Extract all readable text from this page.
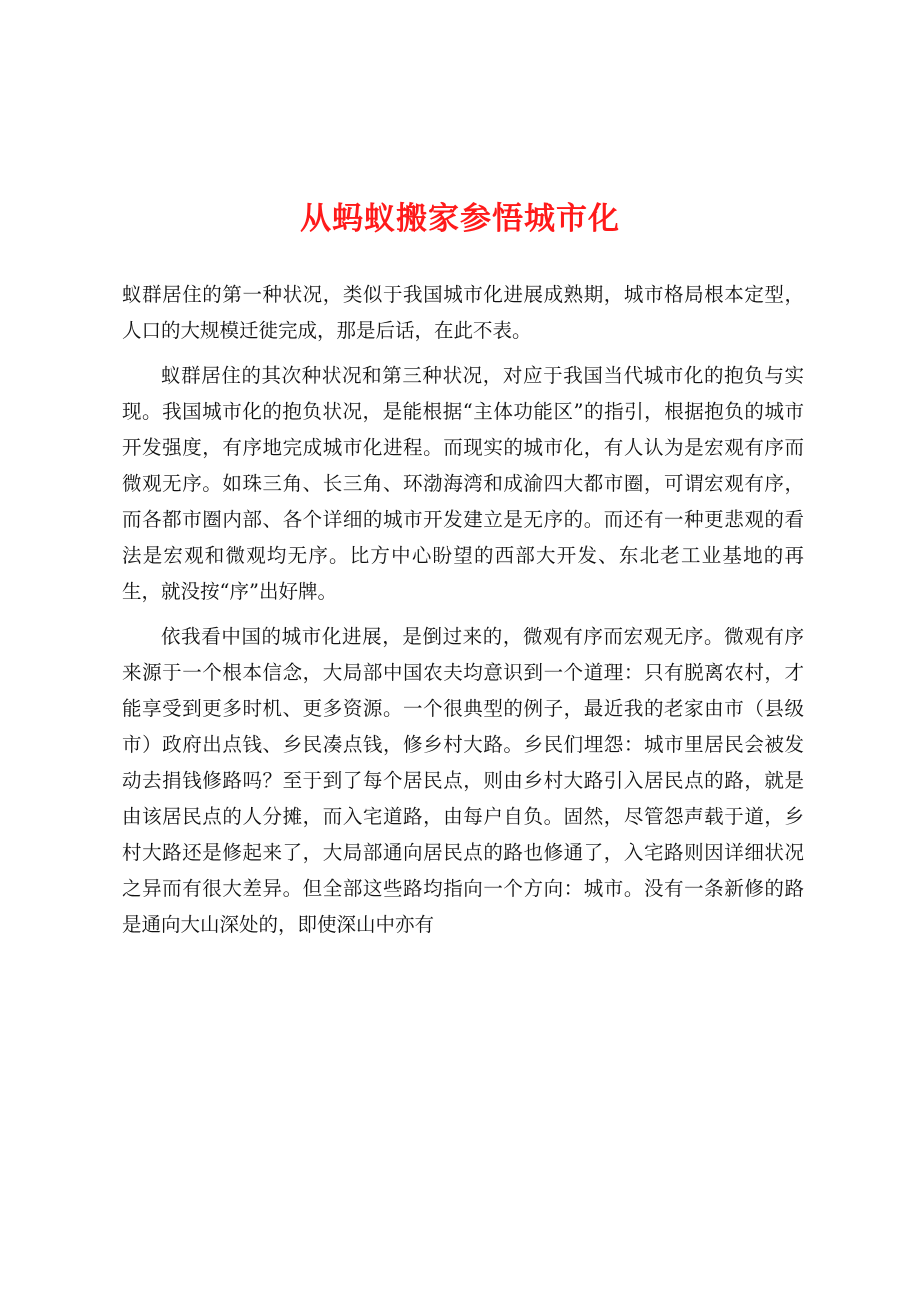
从蚂蚁搬家参悟城市化

蚁群居住的第一种状况，类似于我国城市化进展成熟期，城市格局根本定型，人口的大规模迁徙完成，那是后话，在此不表。

蚁群居住的其次种状况和第三种状况，对应于我国当代城市化的抱负与实现。我国城市化的抱负状况，是能根据“主体功能区”的指引，根据抱负的城市开发强度，有序地完成城市化进程。而现实的城市化，有人认为是宏观有序而微观无序。如珠三角、长三角、环渤海湾和成渝四大都市圈，可谓宏观有序，而各都市圈内部、各个详细的城市开发建立是无序的。而还有一种更悲观的看法是宏观和微观均无序。比方中心盼望的西部大开发、东北老工业基地的再生，就没按“序”出好牌。

依我看中国的城市化进展，是倒过来的，微观有序而宏观无序。微观有序来源于一个根本信念，大局部中国农夫均意识到一个道理：只有脱离农村，才能享受到更多时机、更多资源。一个很典型的例子，最近我的老家由市（县级市）政府出点钱、乡民凑点钱，修乡村大路。乡民们埋怨：城市里居民会被发动去捐钱修路吗？至于到了每个居民点，则由乡村大路引入居民点的路，就是由该居民点的人分摊，而入宅道路，由每户自负。固然，尽管怨声载于道，乡村大路还是修起来了，大局部通向居民点的路也修通了，入宅路则因详细状况之异而有很大差异。但全部这些路均指向一个方向：城市。没有一条新修的路是通向大山深处的，即使深山中亦有
